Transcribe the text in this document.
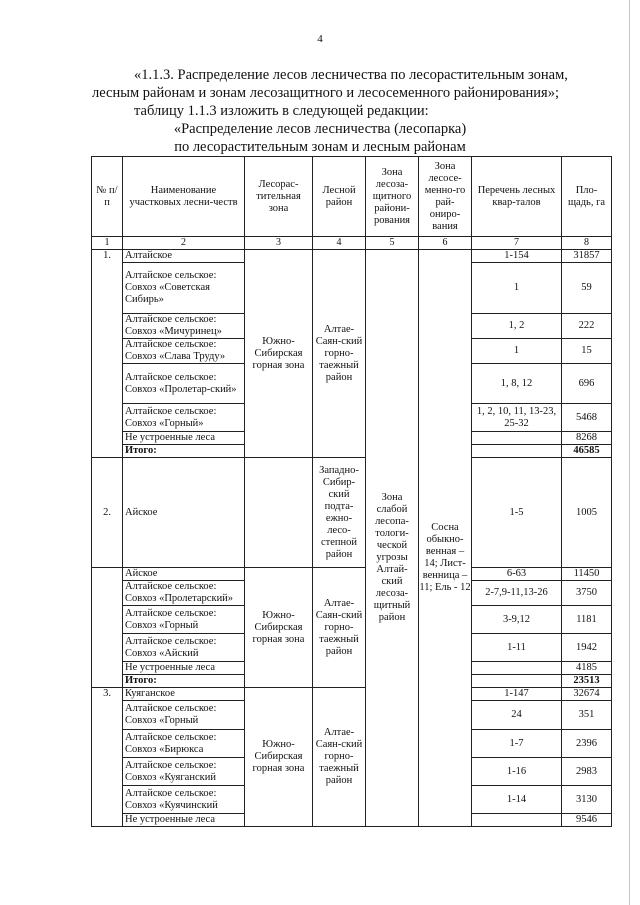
4
«1.1.3. Распределение лесов лесничества по лесорастительным зонам,
лесным районам и зонам лесозащитного и лесосеменного районирования»;
таблицу 1.1.3 изложить в следующей редакции:
«Распределение лесов лесничества (лесопарка)
по лесорастительным зонам и лесным районам
№ п/п	Наименование участковых лесни-честв	Лесорас-тительная зона	Лесной район	Зона лесоза-щитного райони-рования	Зона лесосе-менно-го рай-ониро-вания	Перечень лесных квар-талов	Пло-щадь, га
1	2	3	4	5	6	7	8
1.	Алтайское	Южно-Сибирская горная зона	Алтае-Саян-ский горно-таежный район	Зона слабой лесопа-тологи-ческой угрозы Алтай-ский лесоза-щитный район	Сосна обыкно-венная – 14; Лист-венница – 11; Ель - 12	1-154	31857
	Алтайское сельское: Совхоз «Советская Сибирь»					1	59
	Алтайское сельское: Совхоз «Мичуринец»					1, 2	222
	Алтайское сельское: Совхоз «Слава Труду»					1	15
	Алтайское сельское: Совхоз «Пролетар-ский»					1, 8, 12	696
	Алтайское сельское: Совхоз «Горный»					1, 2, 10, 11, 13-23, 25-32	5468
	Не устроенные леса						8268
	Итого:						46585
2.	Айское		Западно-Сибир-ский подта-ежно-лесо-степной район			1-5	1005
	Айское	Южно-Сибирская горная зона	Алтае-Саян-ский горно-таежный район			6-63	11450
	Алтайское сельское: Совхоз «Пролетарский»					2-7,9-11,13-26	3750
	Алтайское сельское: Совхоз «Горный					3-9,12	1181
	Алтайское сельское: Совхоз «Айский					1-11	1942
	Не устроенные леса						4185
	Итого:						23513
3.	Куяганское	Южно-Сибирская горная зона	Алтае-Саян-ский горно-таежный район			1-147	32674
	Алтайское сельское: Совхоз «Горный					24	351
	Алтайское сельское: Совхоз «Бирюкса					1-7	2396
	Алтайское сельское: Совхоз «Куяганский					1-16	2983
	Алтайское сельское: Совхоз «Куячинский					1-14	3130
	Не устроенные леса						9546
